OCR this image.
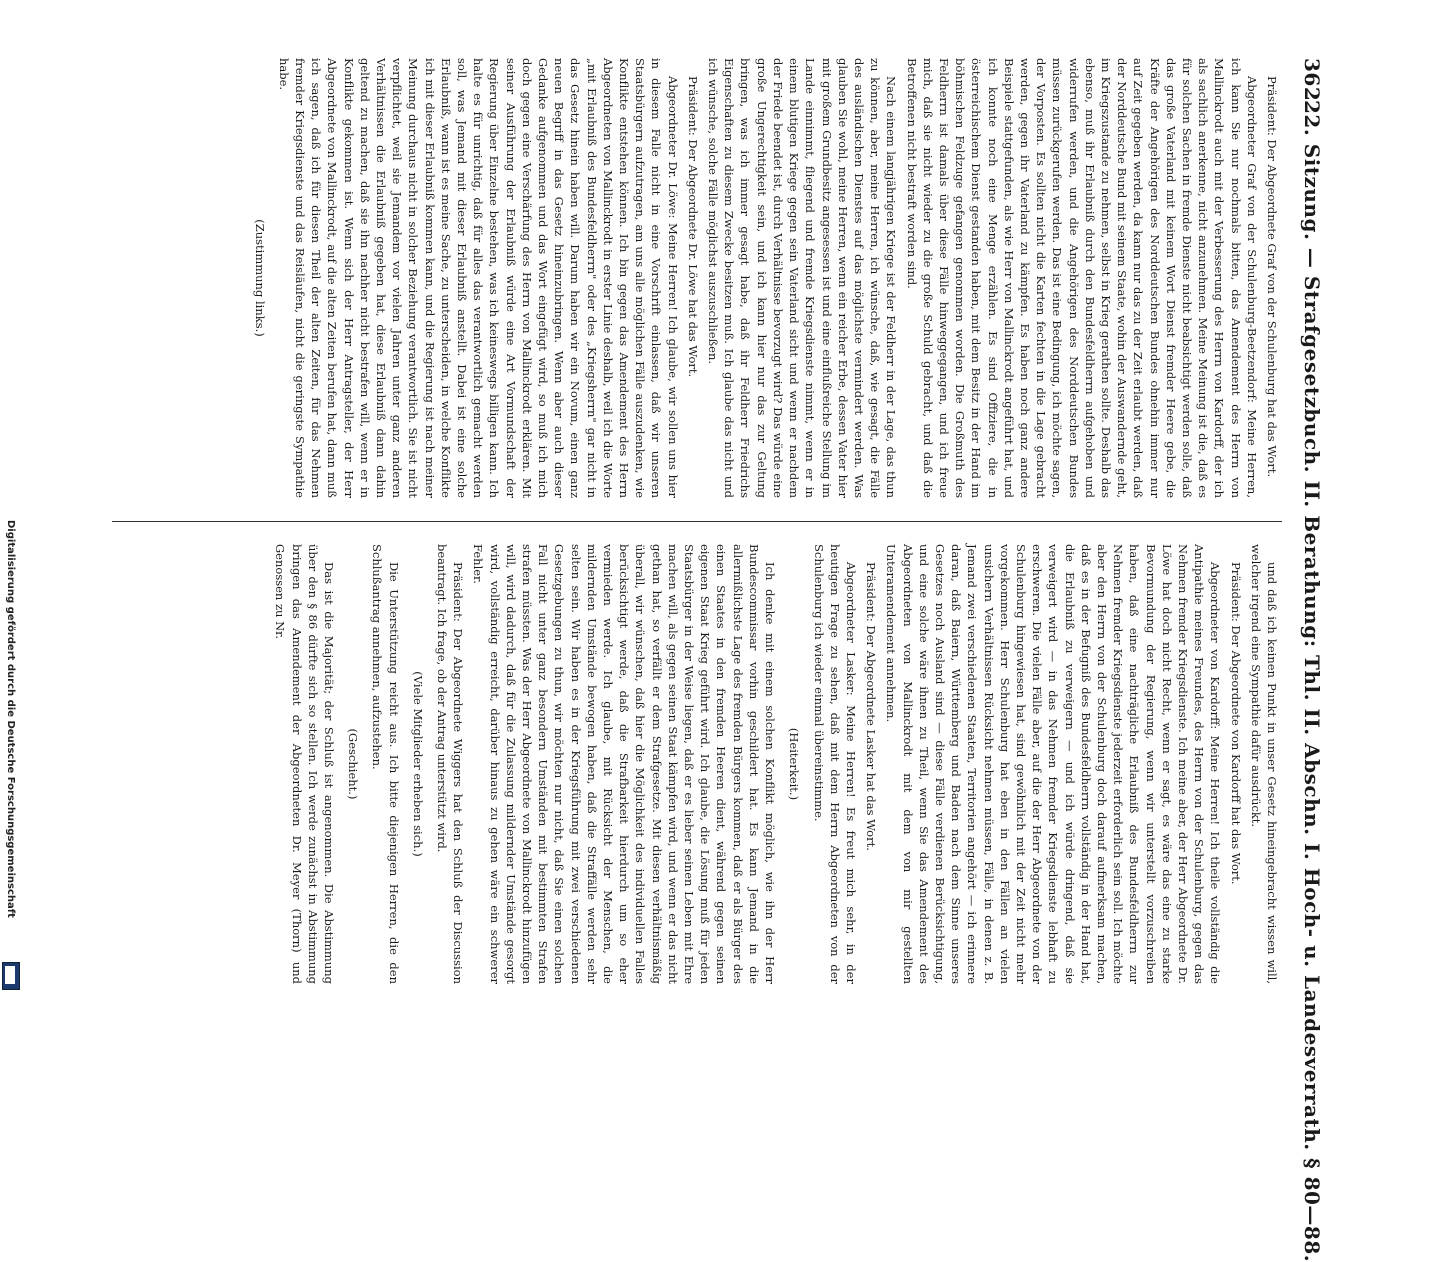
362
22. Sitzung. — Strafgesetzbuch. II. Berathung: Thl. II. Abschn. I. Hoch- u. Landesverrath. § 80—88.

Präsident: Der Abgeordnete Graf von der Schulenburg hat das Wort.

Abgeordneter Graf von der Schulenburg-Beetzendorf: Meine Herren, ich kann Sie nur nochmals bitten, das Amendement des Herrn von Mallinckrodt auch mit der Verbesserung des Herrn von Kardorff, der ich als sachlich anerkenne, nicht anzunehmen. Meine Meinung ist die, daß es für solchen Sachen in fremde Dienste nicht beabsichtigt werden solle, daß das große Vaterland mit keinem Wort Dienst fremder Heere gebe, die Kräfte der Angehörigen des Norddeutschen Bundes ohnehin immer nur auf Zeit gegeben werden, da kann nur das zu der Zeit erlaubt werden, daß der Norddeutsche Bund mit seinem Staate, wohin der Auswandernde geht, im Kriegszustande zu nehmen, selbst in Krieg gerathen sollte. Deshalb das ebenso, muß ihr Erlaubniß durch den Bundesfeldherrn aufgehoben und widerrufen werden, und die Angehörigen des Norddeutschen Bundes müssen zurückgerufen werden. Das ist eine Bedingung, ich möchte sagen, der Vorposten. Es sollten nicht die Karten fechten in die Lage gebracht werden, gegen ihr Vaterland zu kämpfen. Es haben noch ganz andere Beispiele stattgefunden, als wie Herr von Mallinckrodt angeführt hat, und ich konnte noch eine Menge erzählen. Es sind Offiziere, die in österreichischem Dienst gestanden haben, mit dem Besitz in der Hand im böhmischen Feldzuge gefangen genommen worden. Die Großmuth des Feldherrn ist damals über diese Fälle hinweggegangen, und ich freue mich, daß sie nicht wieder zu die große Schuld gebracht, und daß die Betroffenen nicht bestraft worden sind.

Nach einem langjährigen Kriege ist der Feldherr in der Lage, das thun zu können, aber, meine Herren, ich wünsche, daß, wie gesagt, die Fälle des ausländischen Dienstes auf das möglichste vermindert werden. Was glauben Sie wohl, meine Herren, wenn ein reicher Erbe, dessen Vater hier mit großem Grundbesitz angesessen ist und eine einflußreiche Stellung im Lande einnimmt, fliegend und fremde Kriegsdienste nimmt, wenn er in einem blutigen Kriege gegen sein Vaterland sicht und wenn er nachdem der Friede beendet ist, durch Verhältnisse bevorzugt wird? Das würde eine große Ungerechtigkeit sein, und ich kann hier nur das zur Geltung bringen, was ich immer gesagt habe, daß ihr Feldherr Friedrichs Eigenschaften zu diesem Zwecke besitzen muß. Ich glaube das nicht und ich wünsche, solche Fälle möglichst auszuschließen.

Präsident: Der Abgeordnete Dr. Löwe hat das Wort.

Abgeordneter Dr. Löwe: Meine Herren! Ich glaube, wir sollen uns hier in diesem Falle nicht in eine Vorschrift einlassen, daß wir unseren Staatsbürgern aufzutragen, am uns alle möglichen Fälle auszudenken, wie Konflikte entstehen können. Ich bin gegen das Amendement des Herrn Abgeordneten von Mallinckrodt in erster Linie deshalb, weil ich die Worte „mit Erlaubniß des Bundesfeldherrn" oder des „Kriegsherrn" gar nicht in das Gesetz hinein haben will. Darum haben wir ein Novum, einen ganz neuen Begriff in das Gesetz hineinzubringen. Wenn aber auch dieser Gedanke aufgenommen und das Wort eingefügt wird, so muß ich mich doch gegen eine Verschärfung des Herrn von Mallinckrodt erklären. Mit seiner Ausführung der Erlaubniß würde eine Art Vormundschaft der Regierung über Einzelne bestehen, was ich keineswegs billigen kann. Ich halte es für unrichtig, daß für alles das verantwortlich gemacht werden soll, was Jemand mit dieser Erlaubniß anstellt. Dabei ist eine solche Erlaubniß, wann ist es meine Sache, zu unterscheiden, in welche Konflikte ich mit dieser Erlaubniß kommen kann, und die Regierung ist nach meiner Meinung durchaus nicht in solcher Beziehung verantwortlich. Sie ist nicht verpflichtet, weil sie Jemandem vor vielen Jahren unter ganz anderen Verhältnissen die Erlaubniß gegeben hat, diese Erlaubniß dann dahin geltend zu machen, daß sie ihn nachher nicht bestrafen will, wenn er in Konflikte gekommen ist. Wenn sich der Herr Antragsteller, der Herr Abgeordnete von Mallinckrodt, auf die alten Zeiten berufen hat, dann muß ich sagen, daß ich für diesen Theil der alten Zeiten, für das Nehmen fremder Kriegsdienste und das Reisläufen, nicht die geringste Sympathie habe.

(Zustimmung links.)

und daß ich keinen Punkt in unser Gesetz hineingebracht wissen will, welcher irgend eine Sympathie dafür ausdrückt.

Präsident: Der Abgeordnete von Kardorff hat das Wort.

Abgeordneter von Kardorff: Meine Herren! Ich theile vollständig die Antipathie meines Freundes, des Herrn von der Schulenburg, gegen das Nehmen fremder Kriegsdienste. Ich meine aber, der Herr Abgeordnete Dr. Löwe hat doch nicht Recht, wenn er sagt, es wäre das eine zu starke Bevormundung der Regierung, wenn wir unterstellt vorzuschreiben haben, daß eine nachträgliche Erlaubniß des Bundesfeldherrn zur Nehmen fremder Kriegsdienste jederzeit erforderlich sein soll. Ich möchte aber den Herrn von der Schulenburg doch darauf aufmerksam machen, daß es in der Befugniß des Bundesfeldherrn vollständig in der Hand hat, die Erlaubniß zu verweigern — und ich würde dringend, daß sie verweigert wird — in das Nehmen fremder Kriegsdienste lebhaft zu erschweren. Die vielen Fälle aber, auf die der Herr Abgeordnete von der Schulenburg hingewiesen hat, sind gewöhnlich mit der Zeit nicht mehr vorgekommen. Herr Schulenburg hat eben in den Fällen an vielen unsichern Verhältnissen Rücksicht nehmen müssen, Fälle, in denen z. B. Jemand zwei verschiedenen Staaten, Territorien angehört — ich erinnere daran, daß Baiern, Württemberg und Baden nach dem Sinne unseres Gesetzes noch Ausland sind — diese Fälle verdienen Berücksichtigung, und eine solche wäre ihnen zu Theil, wenn Sie das Amendement des Abgeordneten von Mallinckrodt mit dem von mir gestellten Unteramendement annehmen.

Präsident: Der Abgeordnete Lasker hat das Wort.

Abgeordneter Lasker: Meine Herren! Es freut mich sehr, in der heutigen Frage zu sehen, daß mit dem Herrn Abgeordneten von der Schulenburg ich wieder einmal übereinstimme.

(Heiterkeit.)

Ich denke mit einem solchen Konflikt möglich, wie ihn der Herr Bundescommissar vorhin geschildert hat. Es kann Jemand in die allermißlichste Lage des fremden Bürgers kommen, daß er als Bürger des einen Staates in den fremden Heeren dient, während gegen seinen eigenen Staat Krieg geführt wird. Ich glaube, die Lösung muß für jeden Staatsbürger in der Weise liegen, daß er es lieber seinen Leben mit Ehre machen will, als gegen seinen Staat kämpfen wird, und wenn er das nicht gethan hat, so verfällt er dem Strafgesetze. Mit diesen verhältnismäßig überall, wir wünschen, daß hier die Möglichkeit des individuellen Falles berücksichtigt werde, daß die Strafbarkeit hierdurch um so eher vermieden werde. Ich glaube, mit Rücksicht der Menschen, die mildernden Umstände bewogen haben, daß die Straffälle werden sehr selten sein. Wir haben es in der Kriegsführung mit zwei verschiedenen Gesetzgebungen zu thun, wir möchten nur nicht, daß Sie einen solchen Fall nicht unter ganz besondern Umständen mit bestimmten Strafen strafen müssten. Was der Herr Abgeordnete von Mallinckrodt hinzufügen will, wird dadurch, daß für die Zulassung mildernder Umstände gesorgt wird, vollständig erreicht, darüber hinaus zu gehen wäre ein schwerer Fehler.

Präsident: Der Abgeordnete Wiggers hat den Schluß der Discussion beantragt. Ich frage, ob der Antrag unterstützt wird.

(Viele Mitglieder erheben sich.)

Die Unterstützung reicht aus. Ich bitte diejenigen Herren, die den Schlußantrag annehmen, aufzustehen.

(Geschieht.)

Das ist die Majorität; der Schluß ist angenommen. Die Abstimmung über den § 86 dürfte sich so stellen. Ich werde zunächst in Abstimmung bringen das Amendement der Abgeordneten Dr. Meyer (Thorn) und Genossen zu Nr.

Digitalisierung gefördert durch die Deutsche Forschungsgemeinschaft
